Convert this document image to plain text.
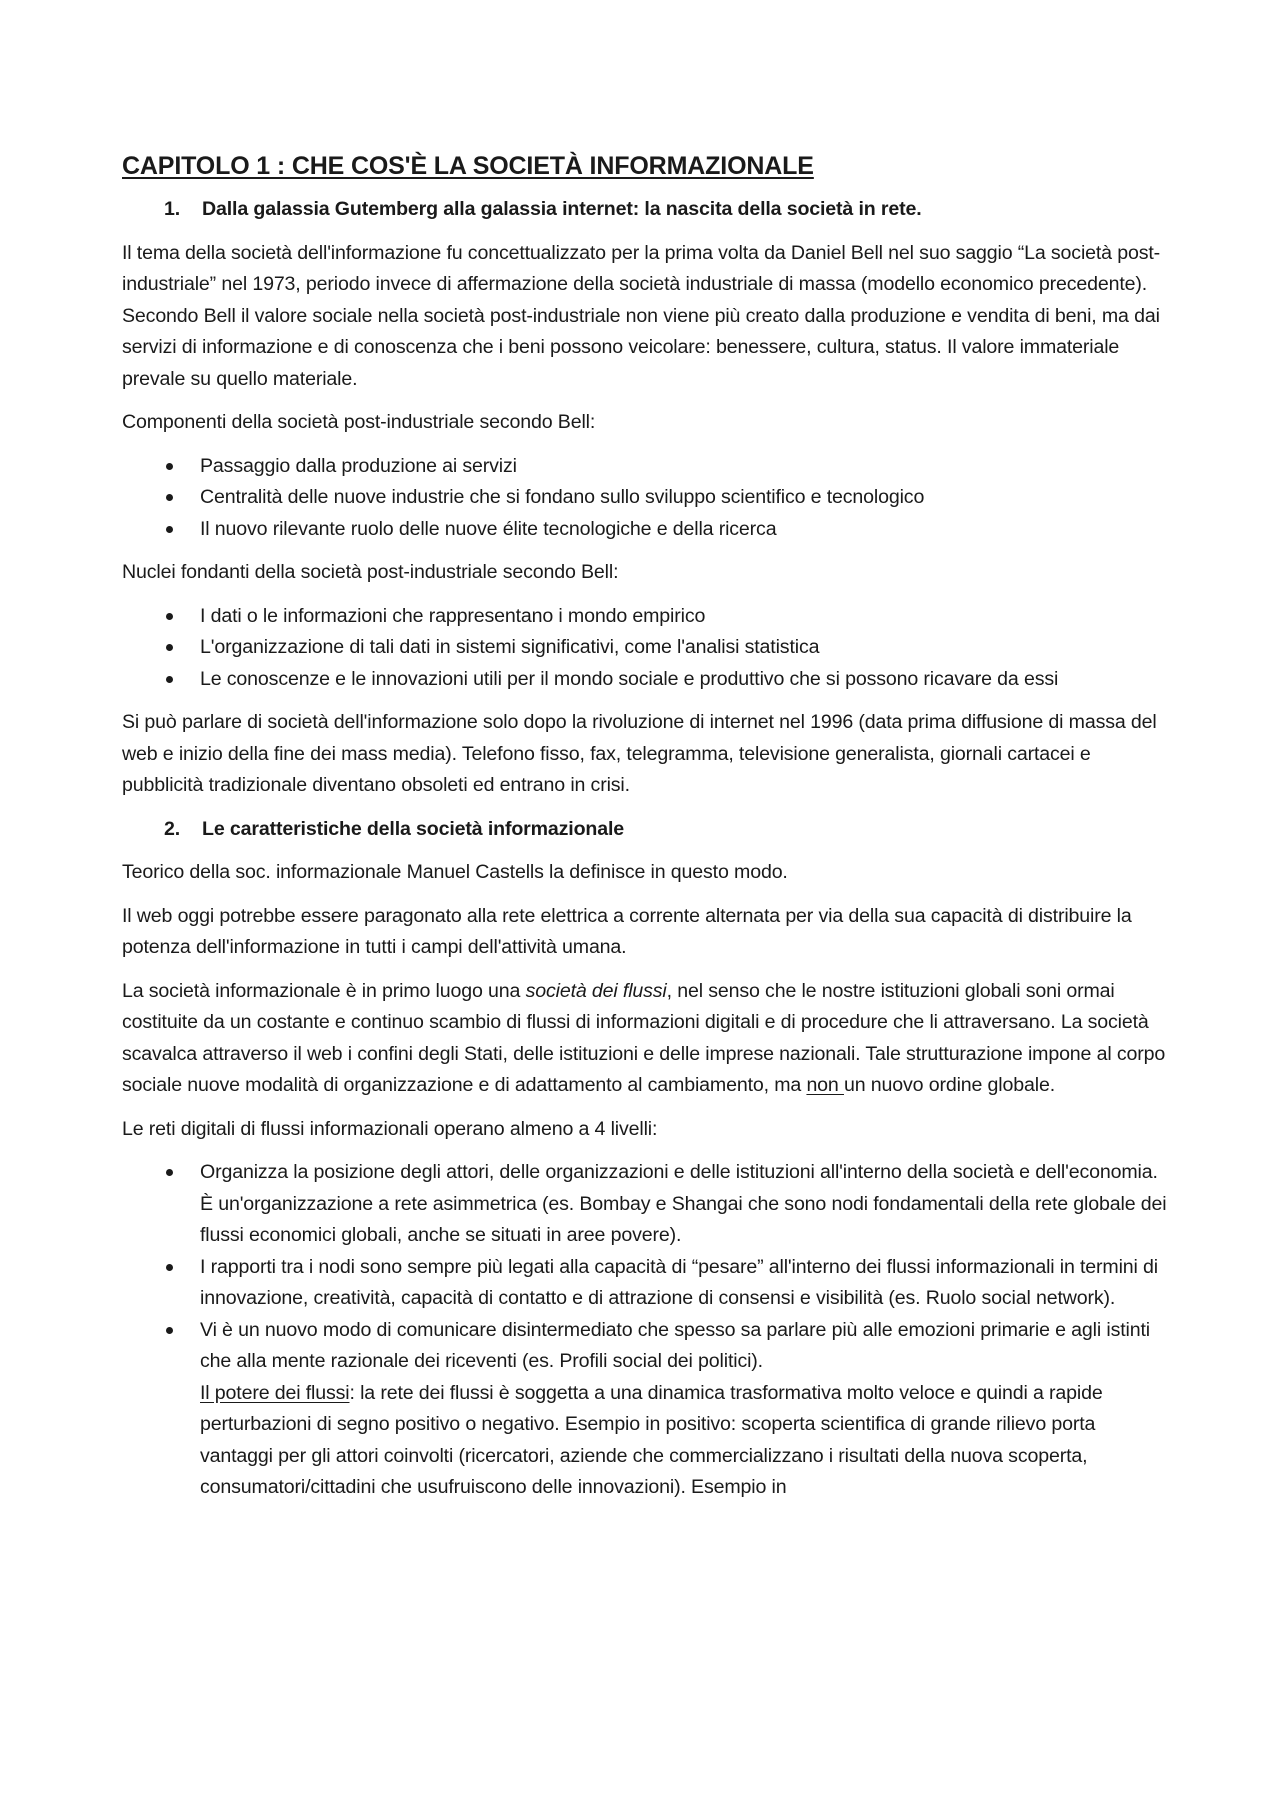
CAPITOLO 1 : CHE COS'È LA SOCIETÀ INFORMAZIONALE
1.	Dalla galassia Gutemberg alla galassia internet: la nascita della società in rete.

Il tema della società dell'informazione fu concettualizzato per la prima volta da Daniel Bell nel suo saggio “La società post-industriale” nel 1973, periodo invece di affermazione della società industriale di massa (modello economico precedente). Secondo Bell il valore sociale nella società post-industriale non viene più creato dalla produzione e vendita di beni, ma dai servizi di informazione e di conoscenza che i beni possono veicolare: benessere, cultura, status. Il valore immateriale prevale su quello materiale.

Componenti della società post-industriale secondo Bell:

Passaggio dalla produzione ai servizi
Centralità delle nuove industrie che si fondano sullo sviluppo scientifico e tecnologico
Il nuovo rilevante ruolo delle nuove élite tecnologiche e della ricerca

Nuclei fondanti della società post-industriale secondo Bell:

I dati o le informazioni che rappresentano i mondo empirico
L'organizzazione di tali dati in sistemi significativi, come l'analisi statistica
Le conoscenze e le innovazioni utili per il mondo sociale e produttivo che si possono ricavare da essi

Si può parlare di società dell'informazione solo dopo la rivoluzione di internet nel 1996 (data prima diffusione di massa del web e inizio della fine dei mass media). Telefono fisso, fax, telegramma, televisione generalista, giornali cartacei e pubblicità tradizionale diventano obsoleti ed entrano in crisi.

2.	Le caratteristiche della società informazionale

Teorico della soc. informazionale Manuel Castells la definisce in questo modo.

Il web oggi potrebbe essere paragonato alla rete elettrica a corrente alternata per via della sua capacità di distribuire la potenza dell'informazione in tutti i campi dell'attività umana.

La società informazionale è in primo luogo una società dei flussi, nel senso che le nostre istituzioni globali soni ormai costituite da un costante e continuo scambio di flussi di informazioni digitali e di procedure che li attraversano. La società scavalca attraverso il web i confini degli Stati, delle istituzioni e delle imprese nazionali. Tale strutturazione impone al corpo sociale nuove modalità di organizzazione e di adattamento al cambiamento, ma non un nuovo ordine globale.

Le reti digitali di flussi informazionali operano almeno a 4 livelli:

Organizza la posizione degli attori, delle organizzazioni e delle istituzioni all'interno della società e dell'economia. È un'organizzazione a rete asimmetrica (es. Bombay e Shangai che sono nodi fondamentali della rete globale dei flussi economici globali, anche se situati in aree povere).
I rapporti tra i nodi sono sempre più legati alla capacità di “pesare” all'interno dei flussi informazionali in termini di innovazione, creatività, capacità di contatto e di attrazione di consensi e visibilità (es. Ruolo social network).
Vi è un nuovo modo di comunicare disintermediato che spesso sa parlare più alle emozioni primarie e agli istinti che alla mente razionale dei riceventi (es. Profili social dei politici).
Il potere dei flussi: la rete dei flussi è soggetta a una dinamica trasformativa molto veloce e quindi a rapide perturbazioni di segno positivo o negativo. Esempio in positivo: scoperta scientifica di grande rilievo porta vantaggi per gli attori coinvolti (ricercatori, aziende che commercializzano i risultati della nuova scoperta, consumatori/cittadini che usufruiscono delle innovazioni). Esempio in
